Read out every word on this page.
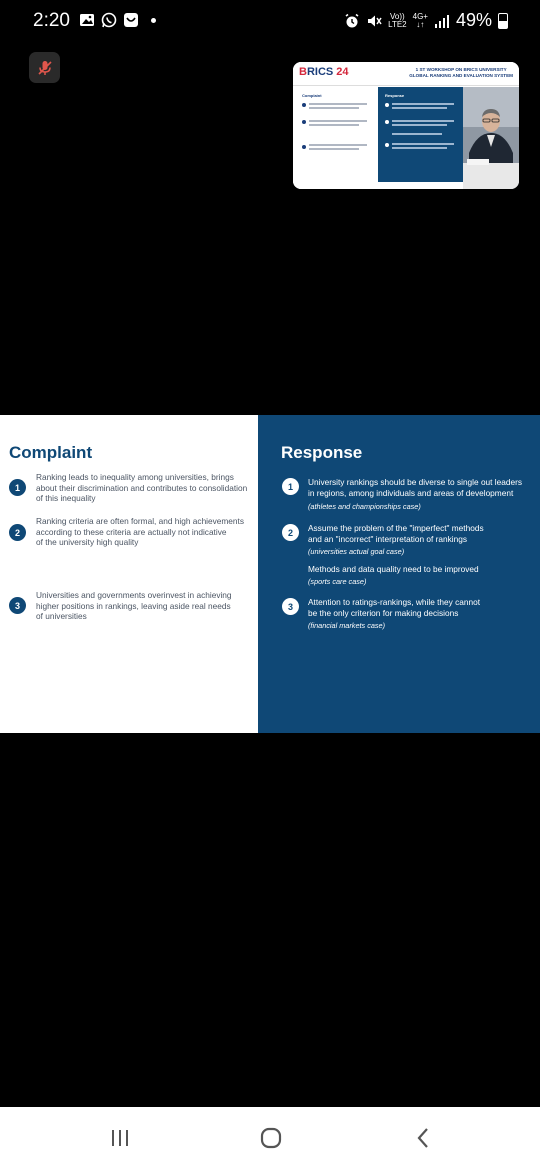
2:20	Vo))
LTE2
4G+
↓↑ 49%
BRICS 24	1 ST WORKSHOP ON BRICS UNIVERSITY
GLOBAL RANKING AND EVALUATION SYSTEM
Complaint	Response
Complaint
1
Ranking leads to inequality among universities, brings
about their discrimination and contributes to consolidation
of this inequality
2
Ranking criteria are often formal, and high achievements
according to these criteria are actually not indicative
of the university high quality
3
Universities and governments overinvest in achieving
higher positions in rankings, leaving aside real needs
of universities
Response
1	University rankings should be diverse to single out leaders
in regions, among individuals and areas of development
(athletes and championships case)
2	Assume the problem of the "imperfect" methods
and an "incorrect" interpretation of rankings
(universities actual goal case)
Methods and data quality need to be improved
(sports care case)
3	Attention to ratings-rankings, while they cannot
be the only criterion for making decisions
(financial markets case)
